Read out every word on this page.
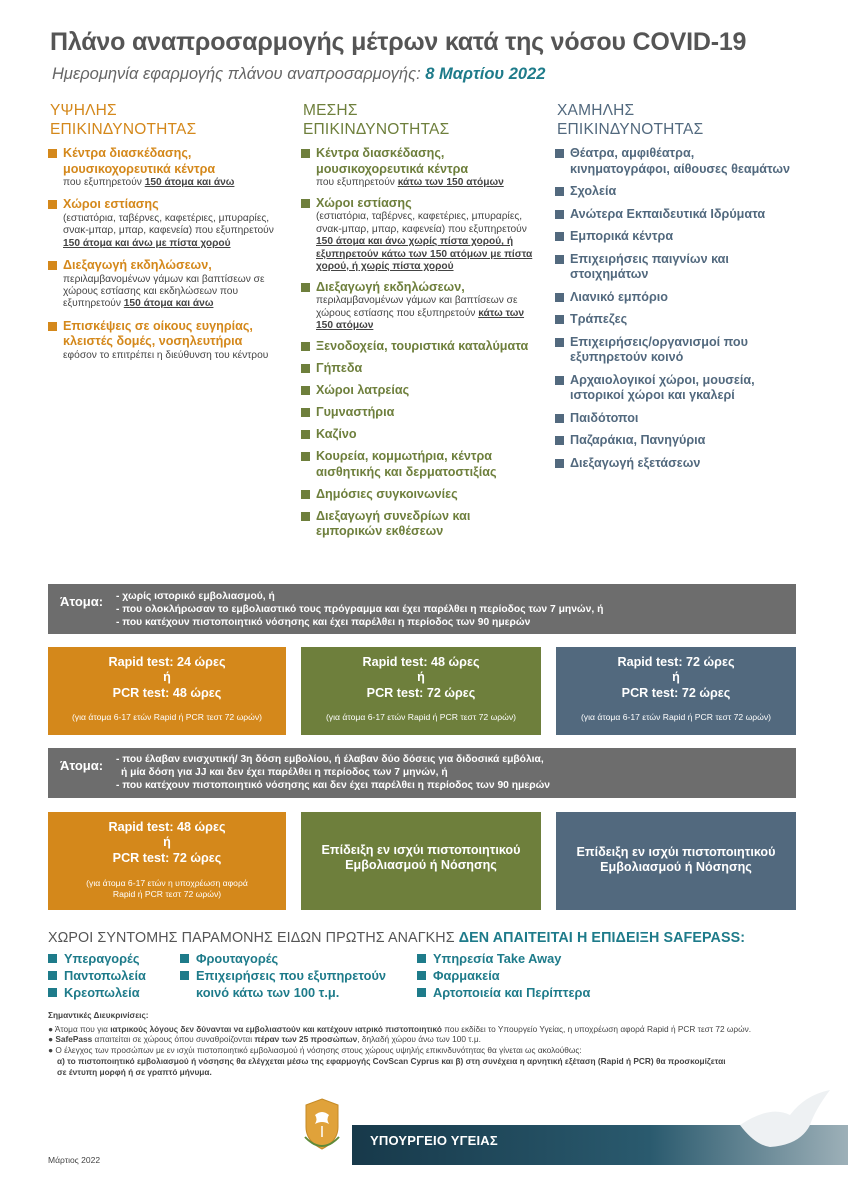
Πλάνο αναπροσαρμογής μέτρων κατά της νόσου COVID-19
Ημερομηνία εφαρμογής πλάνου αναπροσαρμογής: 8 Μαρτίου 2022
ΥΨΗΛΗΣ
ΕΠΙΚΙΝΔΥΝΟΤΗΤΑΣ
ΜΕΣΗΣ
ΕΠΙΚΙΝΔΥΝΟΤΗΤΑΣ
ΧΑΜΗΛΗΣ
ΕΠΙΚΙΝΔΥΝΟΤΗΤΑΣ
Κέντρα διασκέδασης, μουσικοχορευτικά κέντρα
που εξυπηρετούν 150 άτομα και άνω
Χώροι εστίασης
(εστιατόρια, ταβέρνες, καφετέριες, μπυραρίες, σνακ-μπαρ, μπαρ, καφενεία) που εξυπηρετούν 150 άτομα και άνω με πίστα χορού
Διεξαγωγή εκδηλώσεων,
περιλαμβανομένων γάμων και βαπτίσεων σε χώρους εστίασης και εκδηλώσεων που εξυπηρετούν 150 άτομα και άνω
Επισκέψεις σε οίκους ευγηρίας, κλειστές δομές, νοσηλευτήρια
εφόσον το επιτρέπει η διεύθυνση του κέντρου
Κέντρα διασκέδασης, μουσικοχορευτικά κέντρα
που εξυπηρετούν κάτω των 150 ατόμων
Χώροι εστίασης
(εστιατόρια, ταβέρνες, καφετέριες, μπυραρίες, σνακ-μπαρ, μπαρ, καφενεία) που εξυπηρετούν 150 άτομα και άνω χωρίς πίστα χορού, ή εξυπηρετούν κάτω των 150 ατόμων με πίστα χορού, ή χωρίς πίστα χορού
Διεξαγωγή εκδηλώσεων,
περιλαμβανομένων γάμων και βαπτίσεων σε χώρους εστίασης που εξυπηρετούν κάτω των 150 ατόμων
Ξενοδοχεία, τουριστικά καταλύματα
Γήπεδα
Χώροι λατρείας
Γυμναστήρια
Καζίνο
Κουρεία, κομμωτήρια, κέντρα αισθητικής και δερματοστιξίας
Δημόσιες συγκοινωνίες
Διεξαγωγή συνεδρίων και εμπορικών εκθέσεων
Θέατρα, αμφιθέατρα, κινηματογράφοι, αίθουσες θεαμάτων
Σχολεία
Ανώτερα Εκπαιδευτικά Ιδρύματα
Εμπορικά κέντρα
Επιχειρήσεις παιγνίων και στοιχημάτων
Λιανικό εμπόριο
Τράπεζες
Επιχειρήσεις/οργανισμοί που εξυπηρετούν κοινό
Αρχαιολογικοί χώροι, μουσεία, ιστορικοί χώροι και γκαλερί
Παιδότοποι
Παζαράκια, Πανηγύρια
Διεξαγωγή εξετάσεων
Άτομα: - χωρίς ιστορικό εμβολιασμού, ή
- που ολοκλήρωσαν το εμβολιαστικό τους πρόγραμμα και έχει παρέλθει η περίοδος των 7 μηνών, ή
- που κατέχουν πιστοποιητικό νόσησης και έχει παρέλθει η περίοδος των 90 ημερών
Rapid test: 24 ώρες
ή
PCR test: 48 ώρες
(για άτομα 6-17 ετών Rapid ή PCR τεστ 72 ωρών)
Rapid test: 48 ώρες
ή
PCR test: 72 ώρες
(για άτομα 6-17 ετών Rapid ή PCR τεστ 72 ωρών)
Rapid test: 72 ώρες
ή
PCR test: 72 ώρες
(για άτομα 6-17 ετών Rapid ή PCR τεστ 72 ωρών)
Άτομα: - που έλαβαν ενισχυτική/ 3η δόση εμβολίου, ή έλαβαν δύο δόσεις για διδοσικά εμβόλια,
ή μία δόση για JJ και δεν έχει παρέλθει η περίοδος των 7 μηνών, ή
- που κατέχουν πιστοποιητικό νόσησης και δεν έχει παρέλθει η περίοδος των 90 ημερών
Rapid test: 48 ώρες
ή
PCR test: 72 ώρες
(για άτομα 6-17 ετών η υποχρέωση αφορά
Rapid ή PCR τεστ 72 ωρών)
Επίδειξη εν ισχύι πιστοποιητικού
Εμβολιασμού ή Νόσησης
Επίδειξη εν ισχύι πιστοποιητικού
Εμβολιασμού ή Νόσησης
ΧΩΡΟΙ ΣΥΝΤΟΜΗΣ ΠΑΡΑΜΟΝΗΣ ΕΙΔΩΝ ΠΡΩΤΗΣ ΑΝΑΓΚΗΣ ΔΕΝ ΑΠΑΙΤΕΙΤΑΙ Η ΕΠΙΔΕΙΞΗ SAFEPASS:
Υπεραγορές
Παντοπωλεία
Κρεοπωλεία
Φρουταγορές
Επιχειρήσεις που εξυπηρετούν
κοινό κάτω των 100 τ.μ.
Υπηρεσία Take Away
Φαρμακεία
Αρτοποιεία και Περίπτερα
Σημαντικές Διευκρινίσεις:
● Άτομα που για ιατρικούς λόγους δεν δύνανται να εμβολιαστούν και κατέχουν ιατρικό πιστοποιητικό που εκδίδει το Υπουργείο Υγείας, η υποχρέωση αφορά Rapid ή PCR τεστ 72 ωρών.
● SafePass απαιτείται σε χώρους όπου συναθροίζονται πέραν των 25 προσώπων, δηλαδή χώρου άνω των 100 τ.μ.
● Ο έλεγχος των προσώπων με εν ισχύι πιστοποιητικό εμβολιασμού ή νόσησης στους χώρους υψηλής επικινδυνότητας θα γίνεται ως ακολούθως:
α) το πιστοποιητικό εμβολιασμού ή νόσησης θα ελέγχεται μέσω της εφαρμογής CovScan Cyprus και β) στη συνέχεια η αρνητική εξέταση (Rapid ή PCR) θα προσκομίζεται
σε έντυπη μορφή ή σε γραπτό μήνυμα.
ΥΠΟΥΡΓΕΙΟ ΥΓΕΙΑΣ
Μάρτιος 2022
